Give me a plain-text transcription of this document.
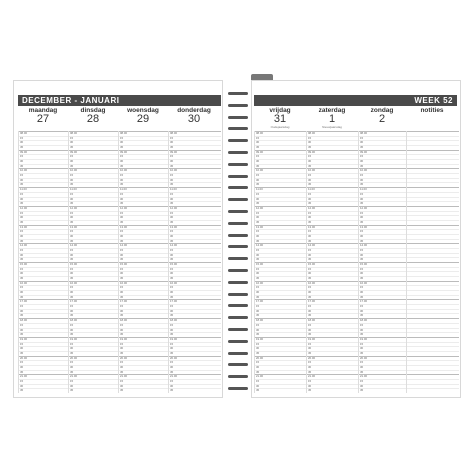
DECEMBER - JANUARI
maandag
27
dinsdag
28
woensdag
29
donderdag
30
08.00
15
30
45
09.00
15
30
45
10.00
15
30
45
11.00
15
30
45
12.00
15
30
45
13.00
15
30
45
14.00
15
30
45
15.00
15
30
45
16.00
15
30
45
17.00
15
30
45
18.00
15
30
45
19.00
15
30
45
20.00
15
30
45
21.00
15
30
45
08.00
15
30
45
09.00
15
30
45
10.00
15
30
45
11.00
15
30
45
12.00
15
30
45
13.00
15
30
45
14.00
15
30
45
15.00
15
30
45
16.00
15
30
45
17.00
15
30
45
18.00
15
30
45
19.00
15
30
45
20.00
15
30
45
21.00
15
30
45
08.00
15
30
45
09.00
15
30
45
10.00
15
30
45
11.00
15
30
45
12.00
15
30
45
13.00
15
30
45
14.00
15
30
45
15.00
15
30
45
16.00
15
30
45
17.00
15
30
45
18.00
15
30
45
19.00
15
30
45
20.00
15
30
45
21.00
15
30
45
08.00
15
30
45
09.00
15
30
45
10.00
15
30
45
11.00
15
30
45
12.00
15
30
45
13.00
15
30
45
14.00
15
30
45
15.00
15
30
45
16.00
15
30
45
17.00
15
30
45
18.00
15
30
45
19.00
15
30
45
20.00
15
30
45
21.00
15
30
45
WEEK 52
vrijdag
31
Oudejaarsdag
zaterdag
1
Nieuwjaarsdag
zondag
2
notities
08.00
15
30
45
09.00
15
30
45
10.00
15
30
45
11.00
15
30
45
12.00
15
30
45
13.00
15
30
45
14.00
15
30
45
15.00
15
30
45
16.00
15
30
45
17.00
15
30
45
18.00
15
30
45
19.00
15
30
45
20.00
15
30
45
21.00
15
30
45
08.00
15
30
45
09.00
15
30
45
10.00
15
30
45
11.00
15
30
45
12.00
15
30
45
13.00
15
30
45
14.00
15
30
45
15.00
15
30
45
16.00
15
30
45
17.00
15
30
45
18.00
15
30
45
19.00
15
30
45
20.00
15
30
45
21.00
15
30
45
08.00
15
30
45
09.00
15
30
45
10.00
15
30
45
11.00
15
30
45
12.00
15
30
45
13.00
15
30
45
14.00
15
30
45
15.00
15
30
45
16.00
15
30
45
17.00
15
30
45
18.00
15
30
45
19.00
15
30
45
20.00
15
30
45
21.00
15
30
45
